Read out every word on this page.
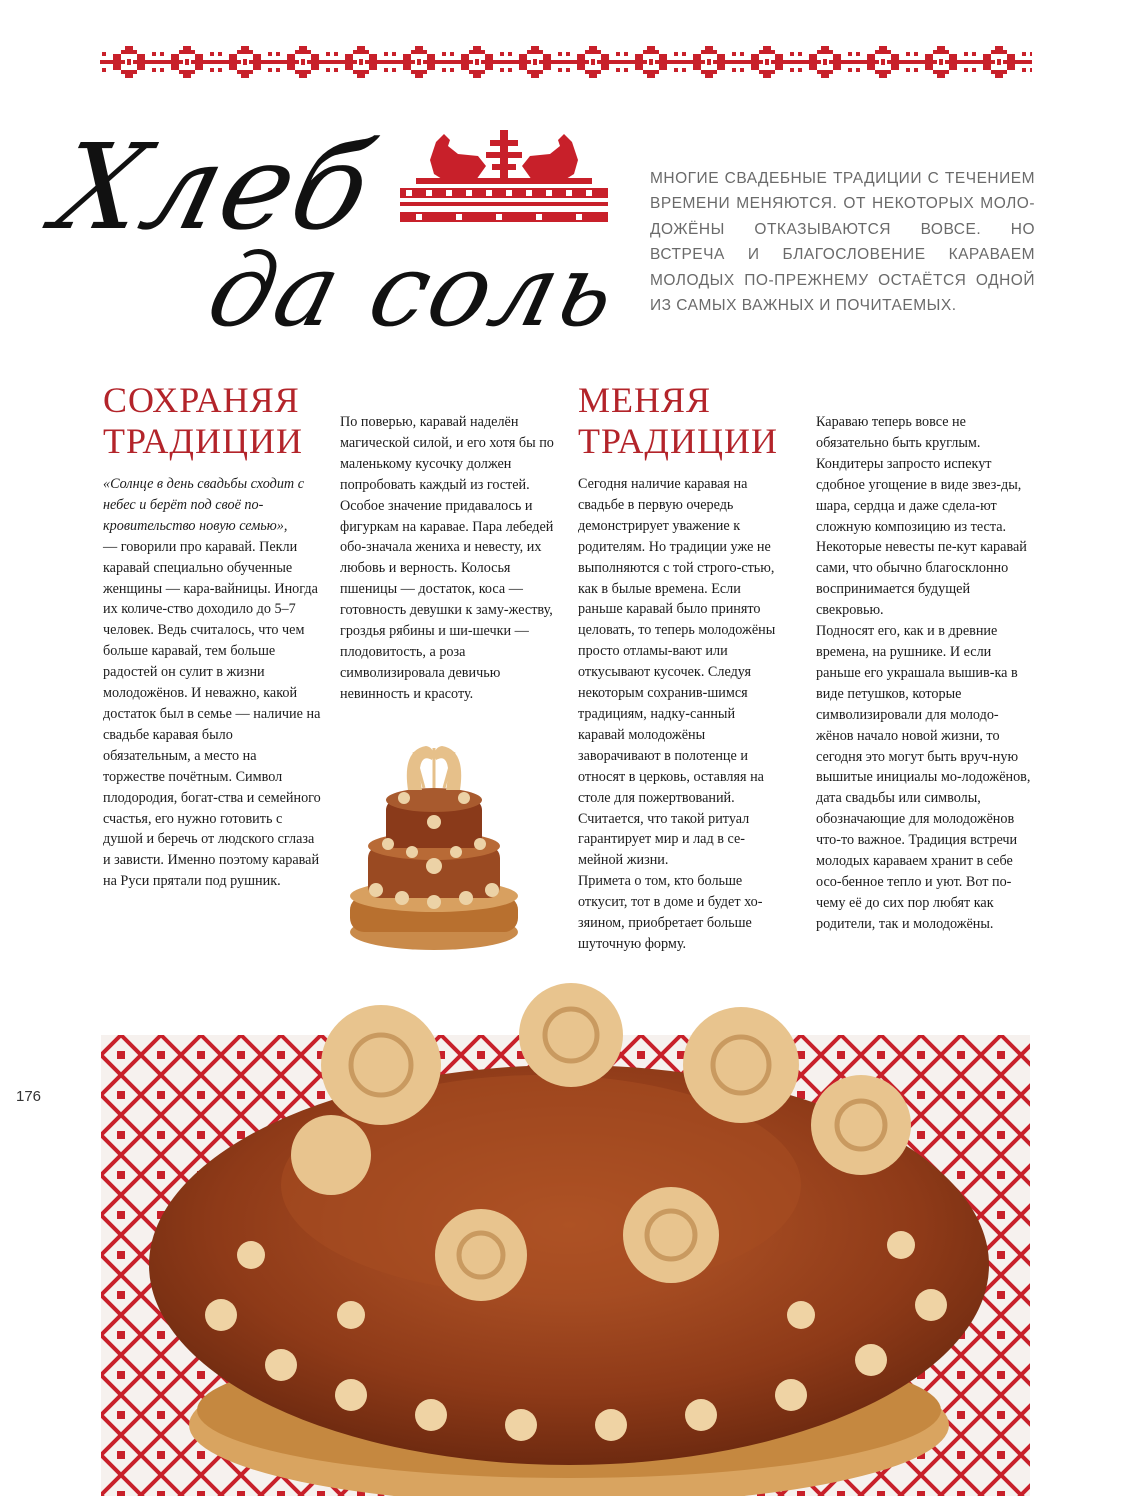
Хлеб
да соль

МНОГИЕ СВАДЕБНЫЕ ТРАДИЦИИ С ТЕЧЕНИЕМ ВРЕМЕНИ МЕНЯЮТСЯ. ОТ НЕКОТОРЫХ МОЛО-ДОЖЁНЫ ОТКАЗЫВАЮТСЯ ВОВСЕ. НО ВСТРЕЧА И БЛАГОСЛОВЕНИЕ КАРАВАЕМ МОЛОДЫХ ПО-ПРЕЖНЕМУ ОСТАЁТСЯ ОДНОЙ ИЗ САМЫХ ВАЖНЫХ И ПОЧИТАЕМЫХ.

СОХРАНЯЯ
ТРАДИЦИИ

«Солнце в день свадьбы сходит с небес и берёт под своё по-кровительство новую семью»,

— говорили про каравай. Пекли каравай специально обученные женщины — кара-вайницы. Иногда их количе-ство доходило до 5–7 человек. Ведь считалось, что чем больше каравай, тем больше радостей он сулит в жизни молодожёнов. И неважно, какой достаток был в семье — наличие на свадьбе каравая было обязательным, а место на торжестве почётным. Символ плодородия, богат-ства и семейного счастья, его нужно готовить с душой и беречь от людского сглаза и зависти. Именно поэтому каравай на Руси прятали под рушник.

По поверью, каравай наделён магической силой, и его хотя бы по маленькому кусочку должен попробовать каждый из гостей. Особое значение придавалось и фигуркам на каравае. Пара лебедей обо-значала жениха и невесту, их любовь и верность. Колосья пшеницы — достаток, коса — готовность девушки к заму-жеству, гроздья рябины и ши-шечки — плодовитость, а роза символизировала девичью невинность и красоту.

МЕНЯЯ
ТРАДИЦИИ

Сегодня наличие каравая на свадьбе в первую очередь демонстрирует уважение к родителям. Но традиции уже не выполняются с той строго-стью, как в былые времена. Если раньше каравай было принято целовать, то теперь молодожёны просто отламы-вают или откусывают кусочек. Следуя некоторым сохранив-шимся традициям, надку-санный каравай молодожёны заворачивают в полотенце и относят в церковь, оставляя на столе для пожертвований. Считается, что такой ритуал гарантирует мир и лад в се-мейной жизни.

Примета о том, кто больше откусит, тот в доме и будет хо-зяином, приобретает больше шуточную форму.

Караваю теперь вовсе не обязательно быть круглым. Кондитеры запросто испекут сдобное угощение в виде звез-ды, шара, сердца и даже сдела-ют сложную композицию из теста. Некоторые невесты пе-кут каравай сами, что обычно благосклонно воспринимается будущей свекровью.

Подносят его, как и в древние времена, на рушнике. И если раньше его украшала вышив-ка в виде петушков, которые символизировали для молодо-жёнов начало новой жизни, то сегодня это могут быть вруч-ную вышитые инициалы мо-лодожёнов, дата свадьбы или символы, обозначающие для молодожёнов что-то важное. Традиция встречи молодых караваем хранит в себе осо-бенное тепло и уют. Вот по-чему её до сих пор любят как родители, так и молодожёны.

176
